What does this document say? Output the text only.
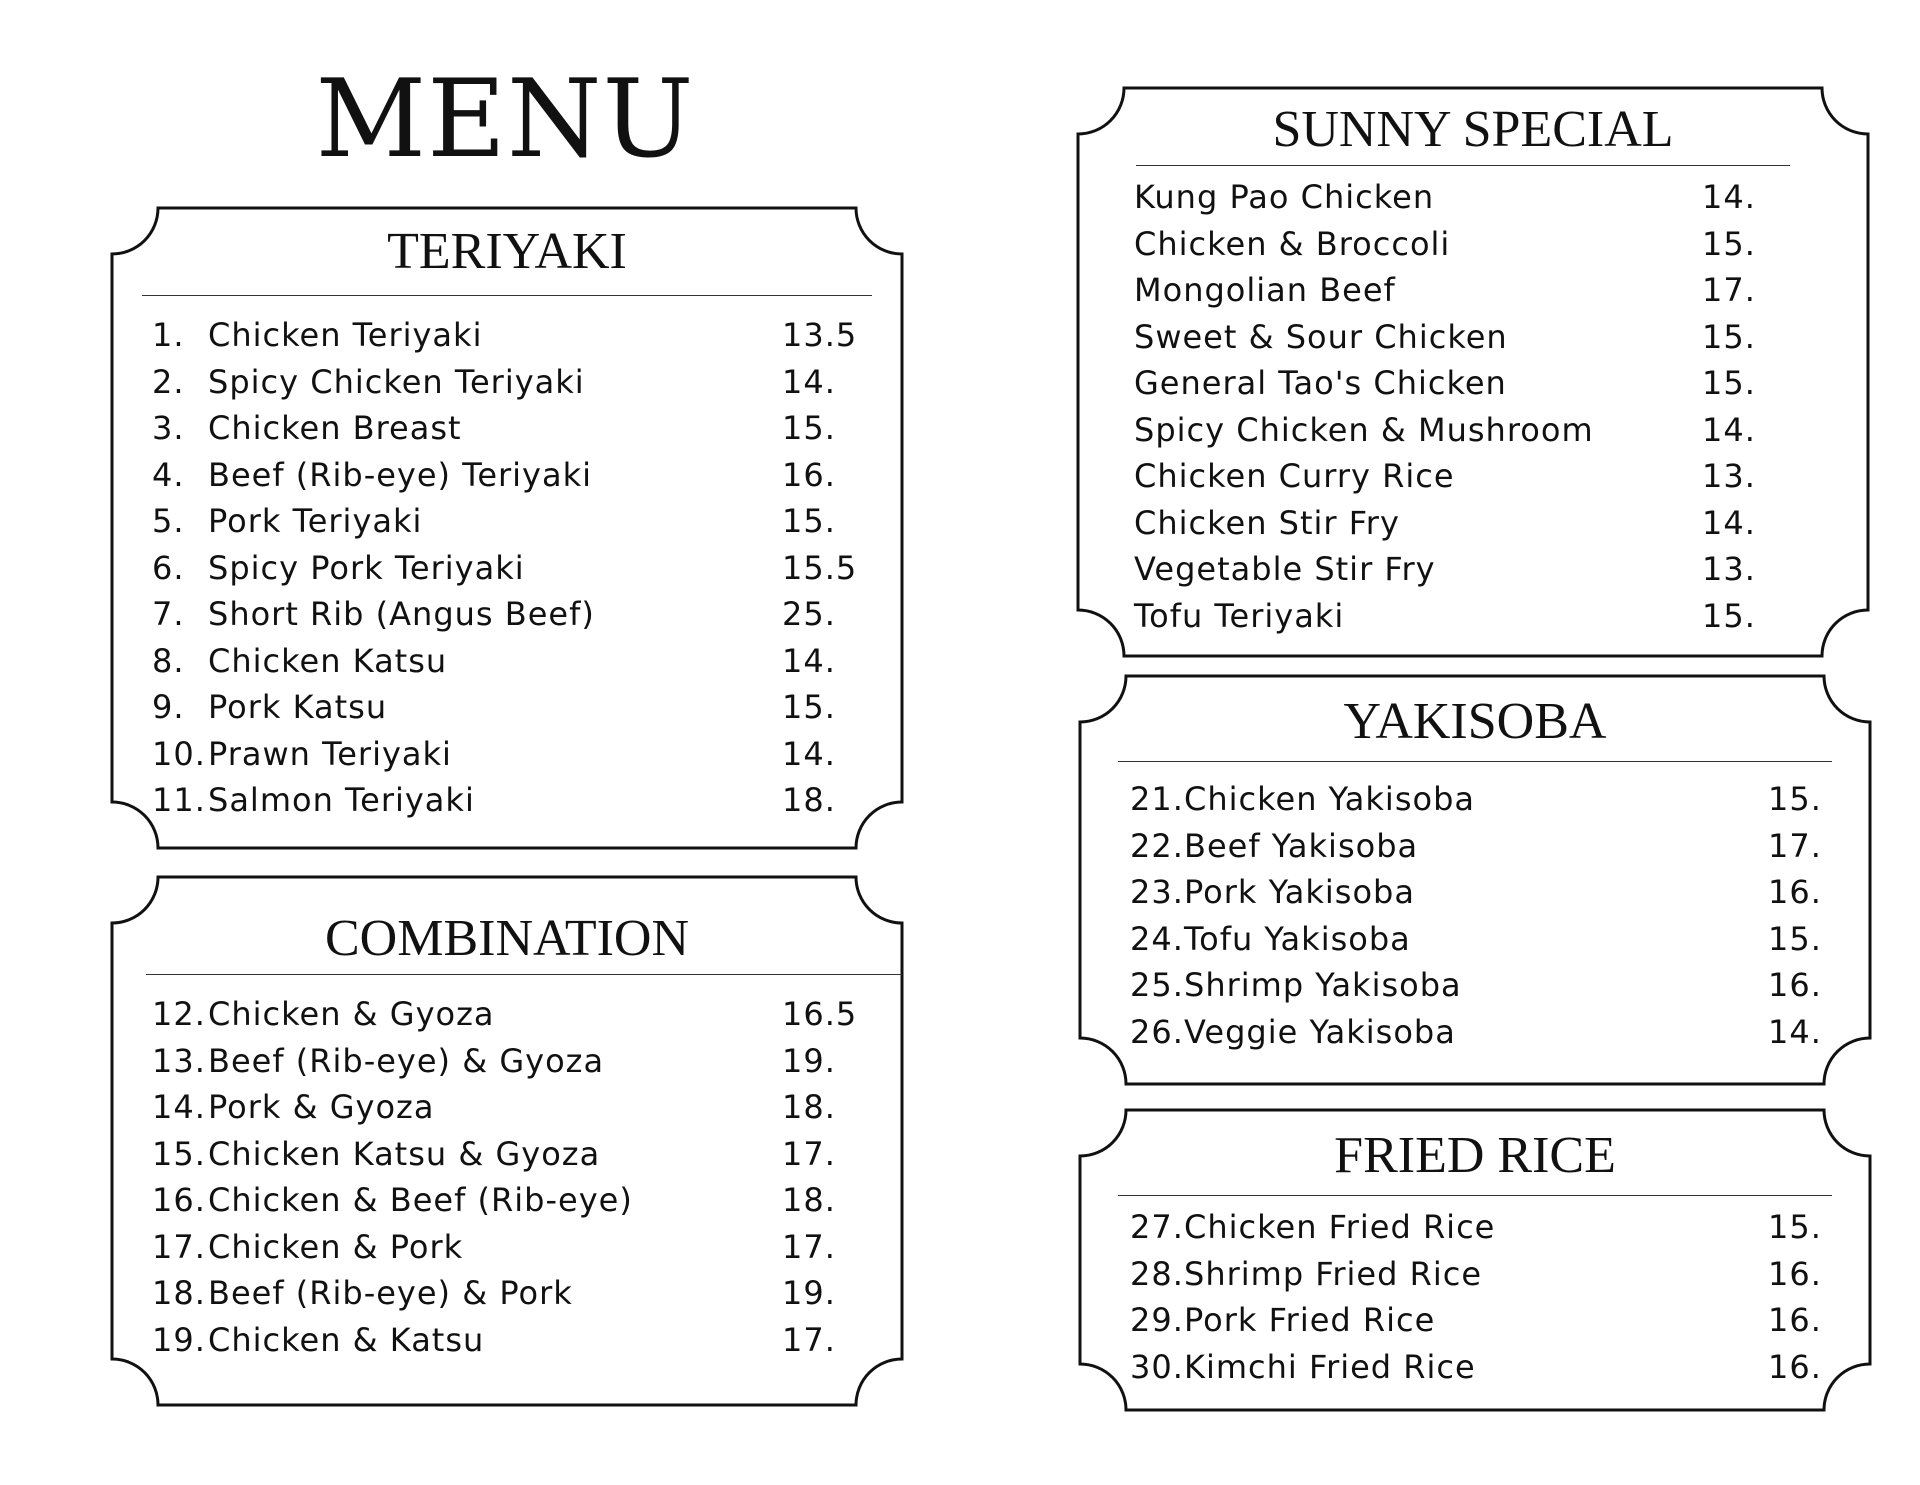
MENU
TERIYAKI
1. Chicken Teriyaki	13.5
2. Spicy Chicken Teriyaki	14.
3. Chicken Breast	15.
4. Beef (Rib-eye) Teriyaki	16.
5. Pork Teriyaki	15.
6. Spicy Pork Teriyaki	15.5
7. Short Rib (Angus Beef)	25.
8. Chicken Katsu	14.
9. Pork Katsu	15.
10. Prawn Teriyaki	14.
11. Salmon Teriyaki	18.
COMBINATION
12. Chicken & Gyoza	16.5
13. Beef (Rib-eye) & Gyoza	19.
14. Pork & Gyoza	18.
15. Chicken Katsu & Gyoza	17.
16. Chicken & Beef (Rib-eye)	18.
17. Chicken & Pork	17.
18. Beef (Rib-eye) & Pork	19.
19. Chicken & Katsu	17.
SUNNY SPECIAL
Kung Pao Chicken	14.
Chicken & Broccoli	15.
Mongolian Beef	17.
Sweet & Sour Chicken	15.
General Tao's Chicken	15.
Spicy Chicken & Mushroom	14.
Chicken Curry Rice	13.
Chicken Stir Fry	14.
Vegetable Stir Fry	13.
Tofu Teriyaki	15.
YAKISOBA
21. Chicken Yakisoba	15.
22. Beef Yakisoba	17.
23. Pork Yakisoba	16.
24. Tofu Yakisoba	15.
25. Shrimp Yakisoba	16.
26. Veggie Yakisoba	14.
FRIED RICE
27. Chicken Fried Rice	15.
28. Shrimp Fried Rice	16.
29. Pork Fried Rice	16.
30. Kimchi Fried Rice	16.
